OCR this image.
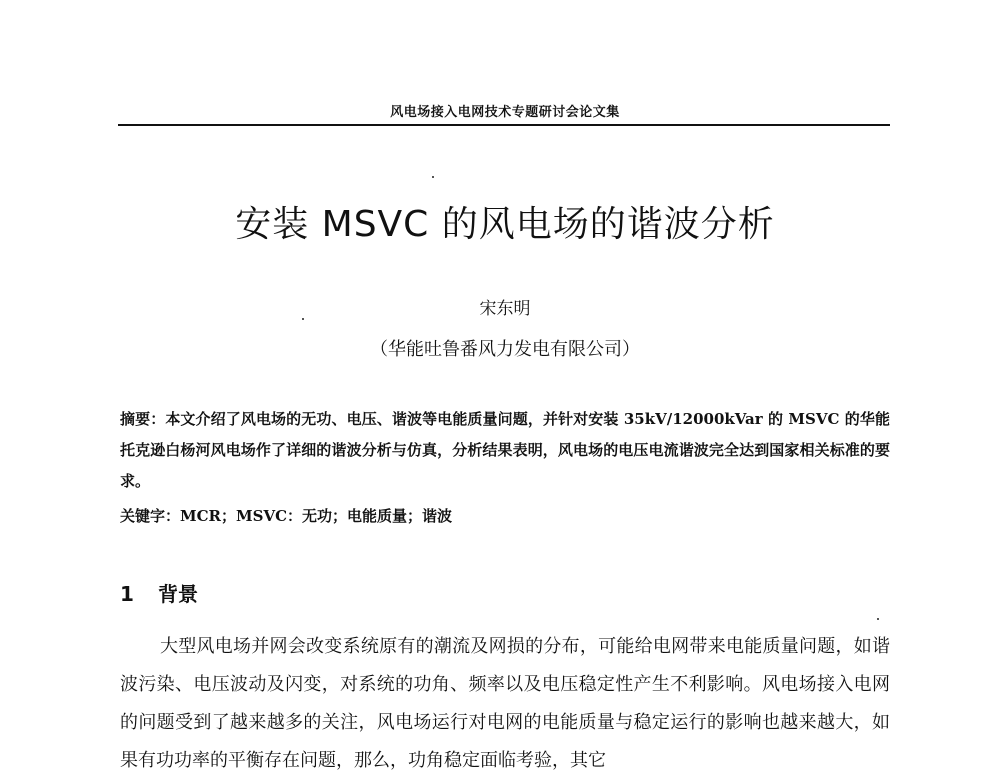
风电场接入电网技术专题研讨会论文集
安装 MSVC 的风电场的谐波分析
宋东明
（华能吐鲁番风力发电有限公司）
摘要：本文介绍了风电场的无功、电压、谐波等电能质量问题，并针对安装 35kV/12000kVar 的 MSVC 的华能托克逊白杨河风电场作了详细的谐波分析与仿真，分析结果表明，风电场的电压电流谐波完全达到国家相关标准的要求。
关键字：MCR；MSVC：无功；电能质量；谐波
1 背景
大型风电场并网会改变系统原有的潮流及网损的分布，可能给电网带来电能质量问题，如谐波污染、电压波动及闪变，对系统的功角、频率以及电压稳定性产生不利影响。风电场接入电网的问题受到了越来越多的关注，风电场运行对电网的电能质量与稳定运行的影响也越来越大，如果有功功率的平衡存在问题，那么，功角稳定面临考验，其它
